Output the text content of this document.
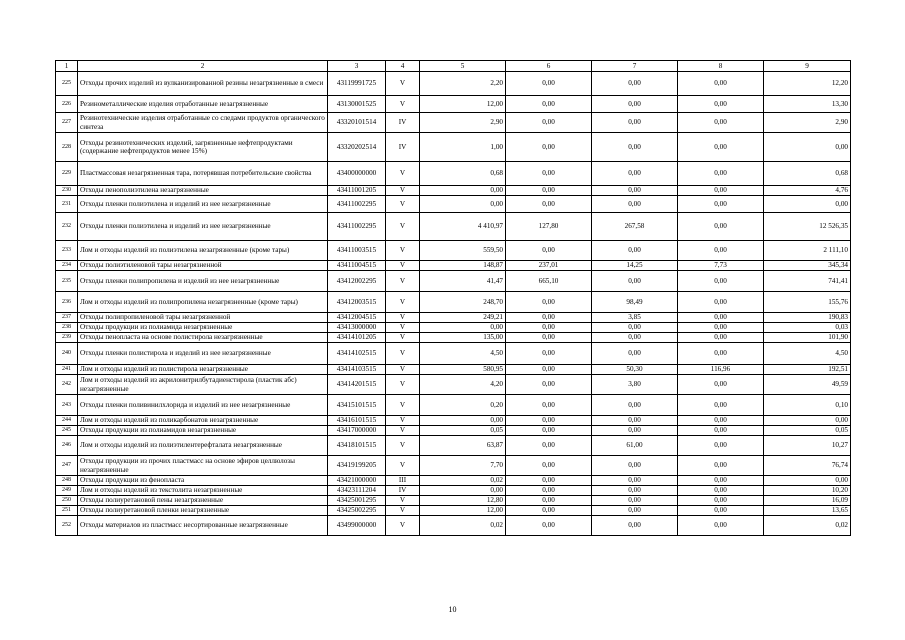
1	2	3	4	5	6	7	8	9
225	Отходы прочих изделий из вулканизированной резины незагрязненные в смеси	43119991725	V	2,20	0,00	0,00	0,00	12,20
226	Резинометаллические изделия отработанные незагрязненные	43130001525	V	12,00	0,00	0,00	0,00	13,30
227	Резинотехнические изделия отработанные со следами продуктов органического синтеза	43320101514	IV	2,90	0,00	0,00	0,00	2,90
228	Отходы резинотехнических изделий, загрязненные нефтепродуктами (содержание нефтепродуктов менее 15%)	43320202514	IV	1,00	0,00	0,00	0,00	0,00
229	Пластмассовая незагрязненная тара, потерявшая потребительские свойства	43400000000	V	0,68	0,00	0,00	0,00	0,68
230	Отходы пенополиэтилена незагрязненные	43411001205	V	0,00	0,00	0,00	0,00	4,76
231	Отходы пленки полиэтилена и изделий из нее незагрязненные	43411002295	V	0,00	0,00	0,00	0,00	0,00
232	Отходы пленки полиэтилена и изделий из нее незагрязненные	43411002295	V	4 410,97	127,80	267,58	0,00	12 526,35
233	Лом и отходы изделий из полиэтилена незагрязненные (кроме тары)	43411003515	V	559,50	0,00	0,00	0,00	2 111,10
234	Отходы полиэтиленовой тары незагрязненной	43411004515	V	148,87	237,01	14,25	7,73	345,34
235	Отходы пленки полипропилена и изделий из нее незагрязненные	43412002295	V	41,47	665,10	0,00	0,00	741,41
236	Лом и отходы изделий из полипропилена незагрязненные (кроме тары)	43412003515	V	248,70	0,00	98,49	0,00	155,76
237	Отходы полипропиленовой тары незагрязненной	43412004515	V	249,21	0,00	3,85	0,00	190,83
238	Отходы продукции из полиамида незагрязненные	43413000000	V	0,00	0,00	0,00	0,00	0,03
239	Отходы пенопласта на основе полистирола незагрязненные	43414101205	V	135,00	0,00	0,00	0,00	101,90
240	Отходы пленки полистирола и изделий из нее незагрязненные	43414102515	V	4,50	0,00	0,00	0,00	4,50
241	Лом и отходы изделий из полистирола незагрязненные	43414103515	V	580,95	0,00	50,30	116,96	192,51
242	Лом и отходы изделий из акрилонитрилбутадиенстирола (пластик абс) незагрязненные	43414201515	V	4,20	0,00	3,80	0,00	49,59
243	Отходы пленки поливинилхлорида и изделий из нее незагрязненные	43415101515	V	0,20	0,00	0,00	0,00	0,10
244	Лом и отходы изделий из поликарбонатов незагрязненные	43416101515	V	0,00	0,00	0,00	0,00	0,00
245	Отходы продукции из полиамидов незагрязненные	43417000000	V	0,05	0,00	0,00	0,00	0,05
246	Лом и отходы изделий из полиэтилентерефталата незагрязненные	43418101515	V	63,87	0,00	61,00	0,00	10,27
247	Отходы продукции из прочих пластмасс на основе эфиров целлюлозы незагрязненные	43419199205	V	7,70	0,00	0,00	0,00	76,74
248	Отходы продукции из фенопласта	43421000000	III	0,02	0,00	0,00	0,00	0,00
249	Лом и отходы изделий из текстолита незагрязненные	43423111204	IV	0,00	0,00	0,00	0,00	10,20
250	Отходы полиуретановой пены незагрязненные	43425001295	V	12,80	0,00	0,00	0,00	16,09
251	Отходы полиуретановой пленки незагрязненные	43425002295	V	12,00	0,00	0,00	0,00	13,65
252	Отходы материалов из пластмасс несортированные незагрязненные	43499000000	V	0,02	0,00	0,00	0,00	0,02
10
